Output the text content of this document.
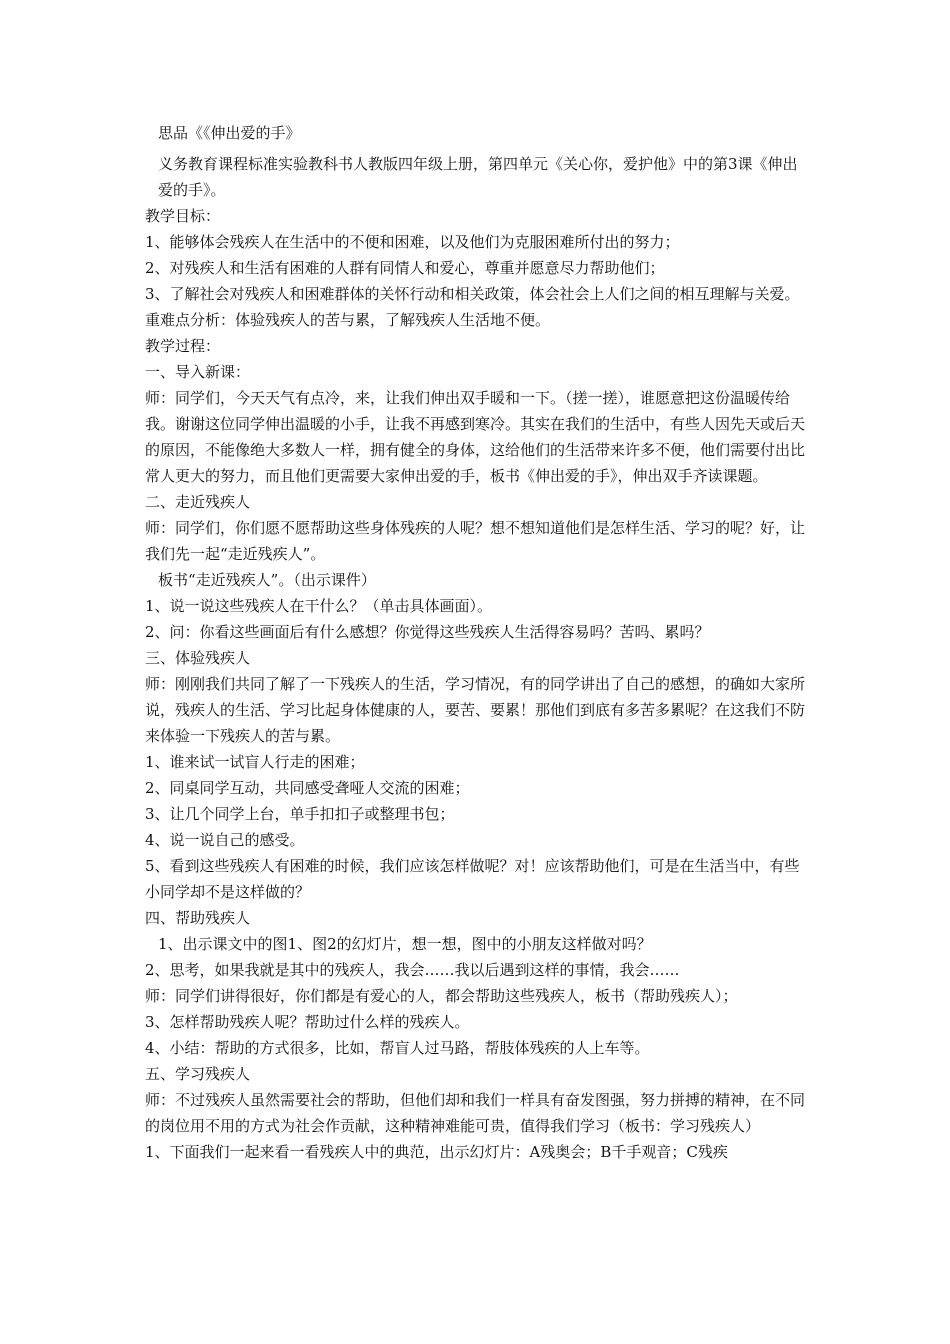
思品《《伸出爱的手》

义务教育课程标准实验教科书人教版四年级上册，第四单元《关心你，爱护他》中的第3课《伸出爱的手》。

教学目标：

1、能够体会残疾人在生活中的不便和困难，以及他们为克服困难所付出的努力；

2、对残疾人和生活有困难的人群有同情人和爱心，尊重并愿意尽力帮助他们；

3、了解社会对残疾人和困难群体的关怀行动和相关政策，体会社会上人们之间的相互理解与关爱。

重难点分析：体验残疾人的苦与累，了解残疾人生活地不便。

教学过程：

一、导入新课：

师：同学们，今天天气有点冷，来，让我们伸出双手暖和一下。（搓一搓），谁愿意把这份温暖传给我。谢谢这位同学伸出温暖的小手，让我不再感到寒冷。其实在我们的生活中，有些人因先天或后天的原因，不能像绝大多数人一样，拥有健全的身体，这给他们的生活带来许多不便，他们需要付出比常人更大的努力，而且他们更需要大家伸出爱的手，板书《伸出爱的手》，伸出双手齐读课题。

二、走近残疾人

师：同学们，你们愿不愿帮助这些身体残疾的人呢？想不想知道他们是怎样生活、学习的呢？好，让我们先一起“走近残疾人”。

板书“走近残疾人”。（出示课件）

1、说一说这些残疾人在干什么？（单击具体画面）。

2、问：你看这些画面后有什么感想？你觉得这些残疾人生活得容易吗？苦吗、累吗？

三、体验残疾人

师：刚刚我们共同了解了一下残疾人的生活，学习情况，有的同学讲出了自己的感想，的确如大家所说，残疾人的生活、学习比起身体健康的人，要苦、要累！那他们到底有多苦多累呢？在这我们不防来体验一下残疾人的苦与累。

1、谁来试一试盲人行走的困难；

2、同桌同学互动，共同感受聋哑人交流的困难；

3、让几个同学上台，单手扣扣子或整理书包；

4、说一说自己的感受。

5、看到这些残疾人有困难的时候，我们应该怎样做呢？对！应该帮助他们，可是在生活当中，有些小同学却不是这样做的？

四、帮助残疾人

1、出示课文中的图1、图2的幻灯片，想一想，图中的小朋友这样做对吗？

2、思考，如果我就是其中的残疾人，我会……我以后遇到这样的事情，我会……

师：同学们讲得很好，你们都是有爱心的人，都会帮助这些残疾人，板书（帮助残疾人）；

3、怎样帮助残疾人呢？帮助过什么样的残疾人。

4、小结：帮助的方式很多，比如，帮盲人过马路，帮肢体残疾的人上车等。

五、学习残疾人

师：不过残疾人虽然需要社会的帮助，但他们却和我们一样具有奋发图强，努力拼搏的精神，在不同的岗位用不用的方式为社会作贡献，这种精神难能可贵，值得我们学习（板书：学习残疾人）

1、下面我们一起来看一看残疾人中的典范，出示幻灯片：A残奥会；B千手观音；C残疾
